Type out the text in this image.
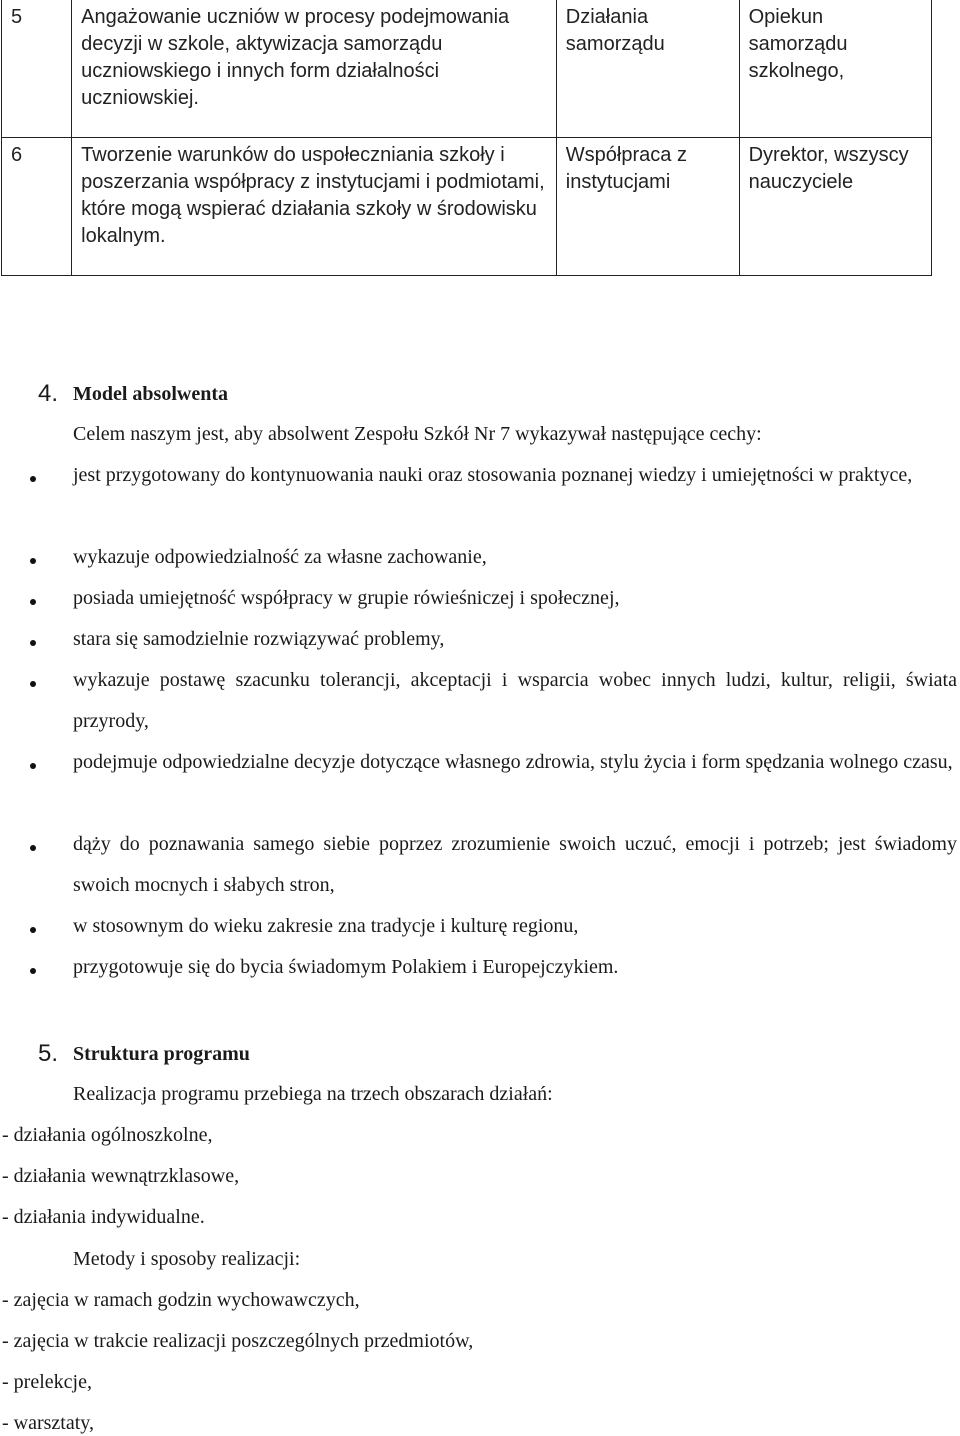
5	Angażowanie uczniów w procesy podejmowania decyzji w szkole, aktywizacja samorządu uczniowskiego i innych form działalności uczniowskiej.	Działania samorządu	Opiekun samorządu szkolnego,
6	Tworzenie warunków do uspołeczniania szkoły i poszerzania współpracy z instytucjami i podmiotami, które mogą wspierać działania szkoły w środowisku lokalnym.	Współpraca z instytucjami	Dyrektor, wszyscy nauczyciele
4. Model absolwenta
Celem naszym jest, aby absolwent Zespołu Szkół Nr 7 wykazywał następujące cechy:
jest przygotowany do kontynuowania nauki oraz stosowania poznanej wiedzy i umiejętności w praktyce,
wykazuje odpowiedzialność za własne zachowanie,
posiada umiejętność współpracy w grupie rówieśniczej i społecznej,
stara się samodzielnie rozwiązywać problemy,
wykazuje postawę szacunku tolerancji, akceptacji i wsparcia wobec innych ludzi, kultur, religii, świata przyrody,
podejmuje odpowiedzialne decyzje dotyczące własnego zdrowia, stylu życia i form spędzania wolnego czasu,
dąży do poznawania samego siebie poprzez zrozumienie swoich uczuć, emocji i potrzeb; jest świadomy swoich mocnych i słabych stron,
w stosownym do wieku zakresie zna tradycje i kulturę regionu,
przygotowuje się do bycia świadomym Polakiem i Europejczykiem.
5. Struktura programu
Realizacja programu przebiega na trzech obszarach działań:
- działania ogólnoszkolne,
- działania wewnątrzklasowe,
- działania indywidualne.
Metody i sposoby realizacji:
- zajęcia w ramach godzin wychowawczych,
- zajęcia w trakcie realizacji poszczególnych przedmiotów,
- prelekcje,
- warsztaty,
